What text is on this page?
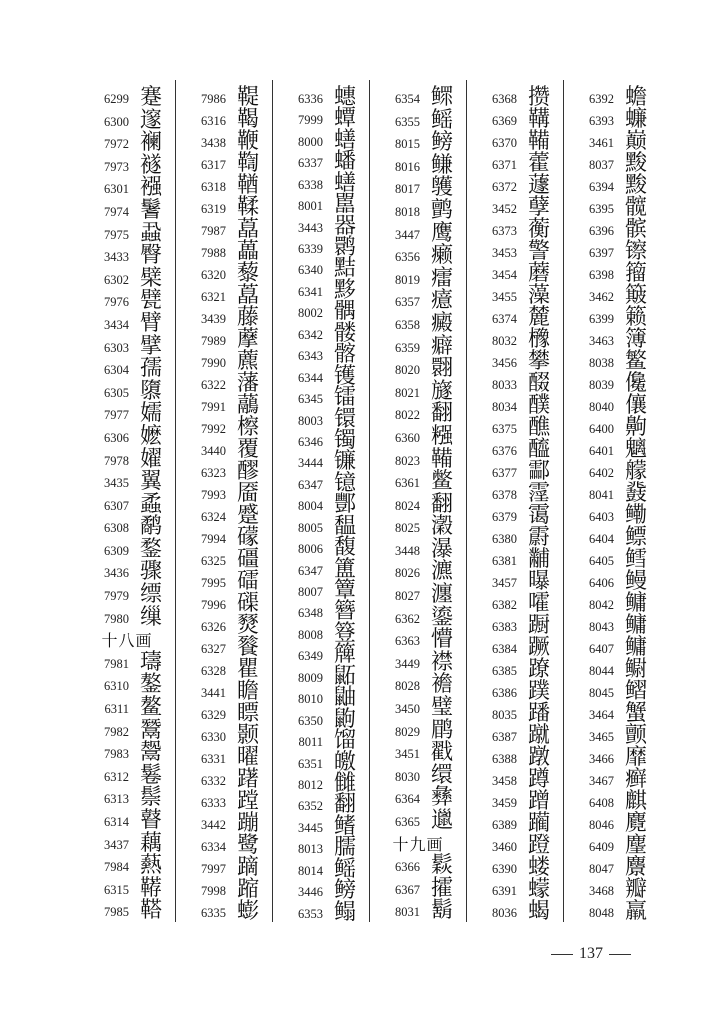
6299 蹇
6300 邃
7972 襕
7973 襚
6301 襁
7974 鬐
7975 蝨
3433 臀
6302 檗
7976 甓
3434 臂
6303 擘
6304 孺
6305 隳
7977 嬬
6306 嬷
7978 嬥
3435 翼
6307 蟊
6308 鹬
6309 鍪
3436 骤
7979 缥
7980 缫
十八画
7981 璹
6310 鏊
6311 鳌
7982 鬵
7983 鬶
6312 鬈
6313 鬃
6314 瞽
3437 藕
7984 爇
6315 鞯
7985 鞳
7986 鞮
6316 鞨
3438 鞭
6317 鞫
6318 鞧
6319 鞣
7987 藠
7988 藟
6320 藜
6321 藠
3439 藤
7989 藦
7990 藨
6322 藩
7991 虉
7992 檫
3440 覆
6323 醪
7993 靥
6324 蹙
7994 礞
6325 礓
7995 礌
7996 磲
6326 燹
6327 餮
6328 瞿
3441 瞻
6329 瞟
6330 颢
6331 曜
6332 躇
6333 蹚
3442 蹦
6334 鹭
7997 蹢
7998 蹜
6335 蟛
6336 蟪
7999 蟫
8000 蟮
6337 蟠
6338 蟮
8001 嚚
3443 器
6339 鹮
6340 黠
6341 黟
8002 髃
6342 髅
6343 髂
6344 镬
6345 镭
8003 镮
6346 镯
3444 镰
6347 镱
8004 酆
8005 馧
8006 馥
6347 簠
8007 簟
6348 簪
8008 簦
6349 簰
8009 鼫
8010 鼬
6350 鼩
8011 馏
6351 皦
8012 雠
6352 翻
3445 鳍
8013 臑
8014 鳐
3446 鳑
6353 鳎
6354 鳏
6355 鳐
8015 鳑
8016 鳒
8017 鹱
8018 鹯
3447 鹰
6356 癞
8019 癗
6357 癔
6358 癜
6359 癖
8020 翾
8021 旞
8022 翻
6360 糨
8023 鞴
6361 鳖
8024 翻
8025 瀔
3448 瀑
8026 瀌
8027 瀍
6362 鎏
6363 懵
3449 襟
8028 襜
3450 璧
8029 鹛
3451 戳
8030 缳
6364 彝
6365 邋
十九画
6366 鬏
6367 攉
8031 鬍
6368 攒
6369 鞲
6370 鞴
6371 藿
6372 蘧
3452 孽
6373 蘅
3453 警
3454 蘑
3455 藻
6374 麓
8032 櫲
3456 攀
8033 醊
8034 醭
6375 醮
6376 醯
6377 酃
6378 霪
6379 霭
6380 霨
6381 黼
3457 曝
6382 嚯
6383 蹰
6384 蹶
6385 蹽
6386 蹼
8035 蹯
6387 蹴
6388 蹾
3458 蹲
3459 蹭
6389 躏
3460 蹬
6390 蝼
6391 蠓
8036 蝎
6392 蟾
6393 蠊
3461 巅
8037 黢
6394 黢
6395 髋
6396 髌
6397 镲
6398 籀
3462 簸
6399 籁
3463 簿
8038 鳘
8039 儳
8040 儴
6400 齁
6401 魑
6402 艨
8041 鼗
6403 鳓
6404 鳔
6405 鳕
6406 鳗
8042 鳙
8043 鳙
6407 鳙
8044 鳚
8045 鳛
3464 蟹
3465 颤
3466 靡
3467 癣
6408 麒
8046 麑
6409 麈
8047 麖
3468 瓣
8048 羸
137
